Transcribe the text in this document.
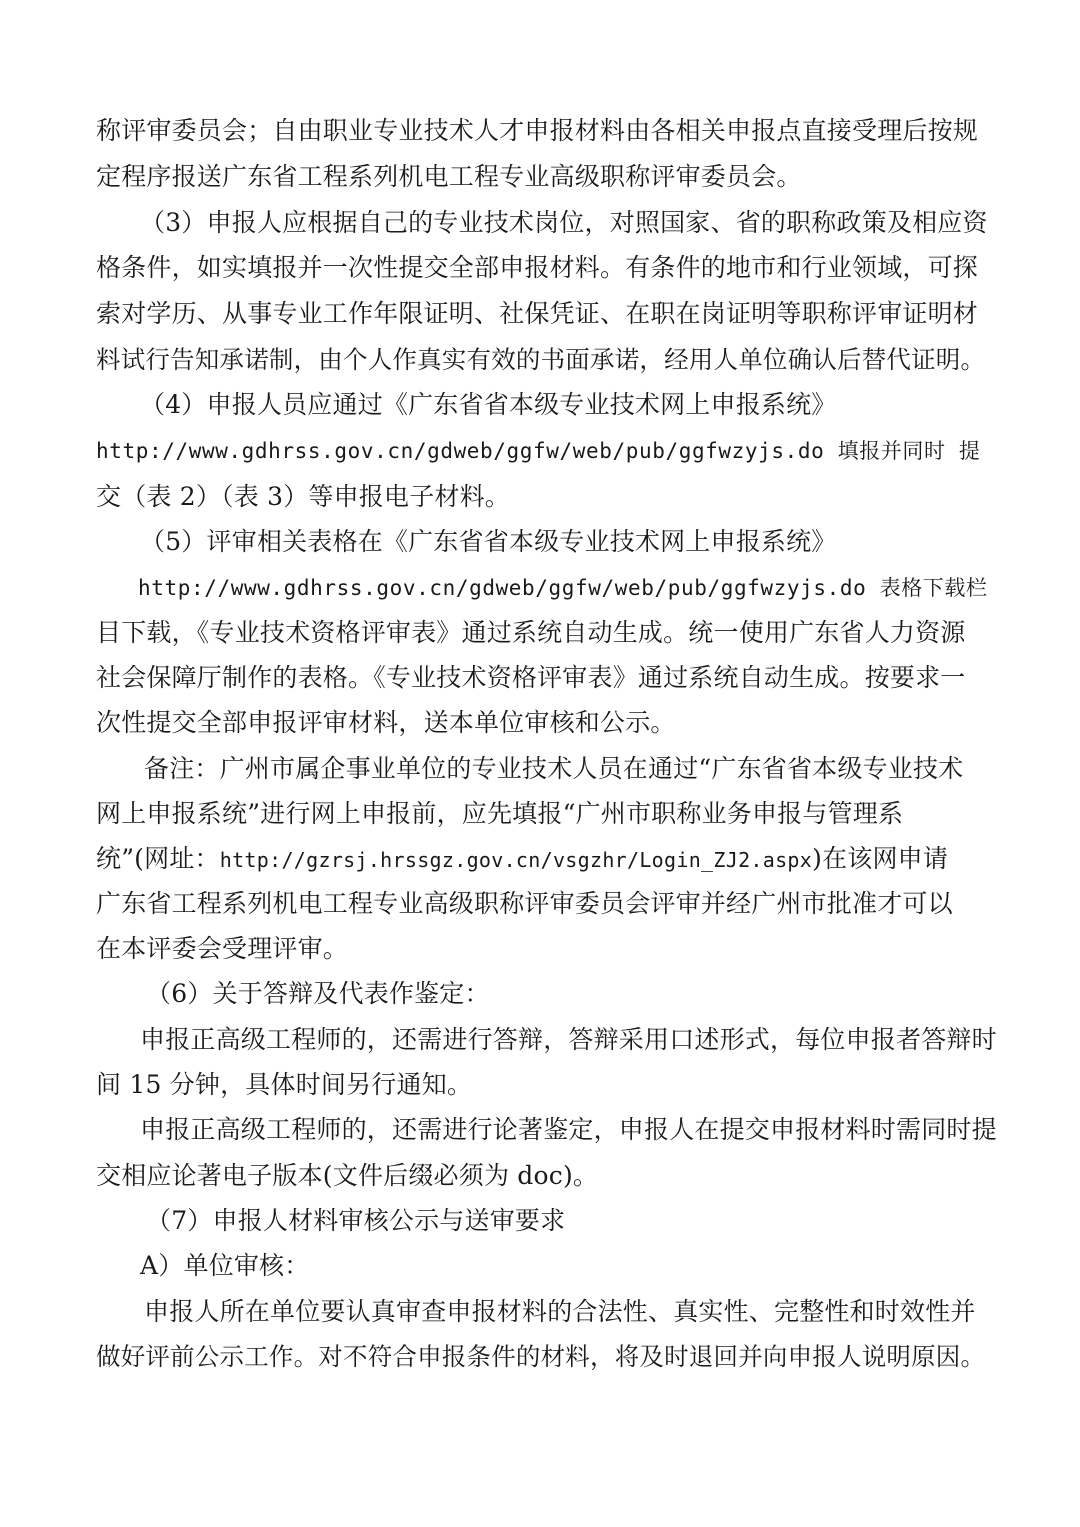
称评审委员会；自由职业专业技术人才申报材料由各相关申报点直接受理后按规
定程序报送广东省工程系列机电工程专业高级职称评审委员会。
（3）申报人应根据自己的专业技术岗位，对照国家、省的职称政策及相应资
格条件，如实填报并一次性提交全部申报材料。有条件的地市和行业领域，可探
索对学历、从事专业工作年限证明、社保凭证、在职在岗证明等职称评审证明材
料试行告知承诺制，由个人作真实有效的书面承诺，经用人单位确认后替代证明。
（4）申报人员应通过《广东省省本级专业技术网上申报系统》
http://www.gdhrss.gov.cn/gdweb/ggfw/web/pub/ggfwzyjs.do 填报并同时 提
交（表 2）（表 3）等申报电子材料。
（5）评审相关表格在《广东省省本级专业技术网上申报系统》
http://www.gdhrss.gov.cn/gdweb/ggfw/web/pub/ggfwzyjs.do 表格下载栏
目下载，《专业技术资格评审表》通过系统自动生成。统一使用广东省人力资源
社会保障厅制作的表格。《专业技术资格评审表》通过系统自动生成。按要求一
次性提交全部申报评审材料，送本单位审核和公示。
备注：广州市属企事业单位的专业技术人员在通过“广东省省本级专业技术
网上申报系统”进行网上申报前，应先填报“广州市职称业务申报与管理系
统”(网址：http://gzrsj.hrssgz.gov.cn/vsgzhr/Login_ZJ2.aspx)在该网申请
广东省工程系列机电工程专业高级职称评审委员会评审并经广州市批准才可以
在本评委会受理评审。
（6）关于答辩及代表作鉴定：
申报正高级工程师的，还需进行答辩，答辩采用口述形式，每位申报者答辩时
间 15 分钟，具体时间另行通知。
申报正高级工程师的，还需进行论著鉴定，申报人在提交申报材料时需同时提
交相应论著电子版本(文件后缀必须为 doc)。
（7）申报人材料审核公示与送审要求
A）单位审核：
申报人所在单位要认真审查申报材料的合法性、真实性、完整性和时效性并
做好评前公示工作。对不符合申报条件的材料，将及时退回并向申报人说明原因。
